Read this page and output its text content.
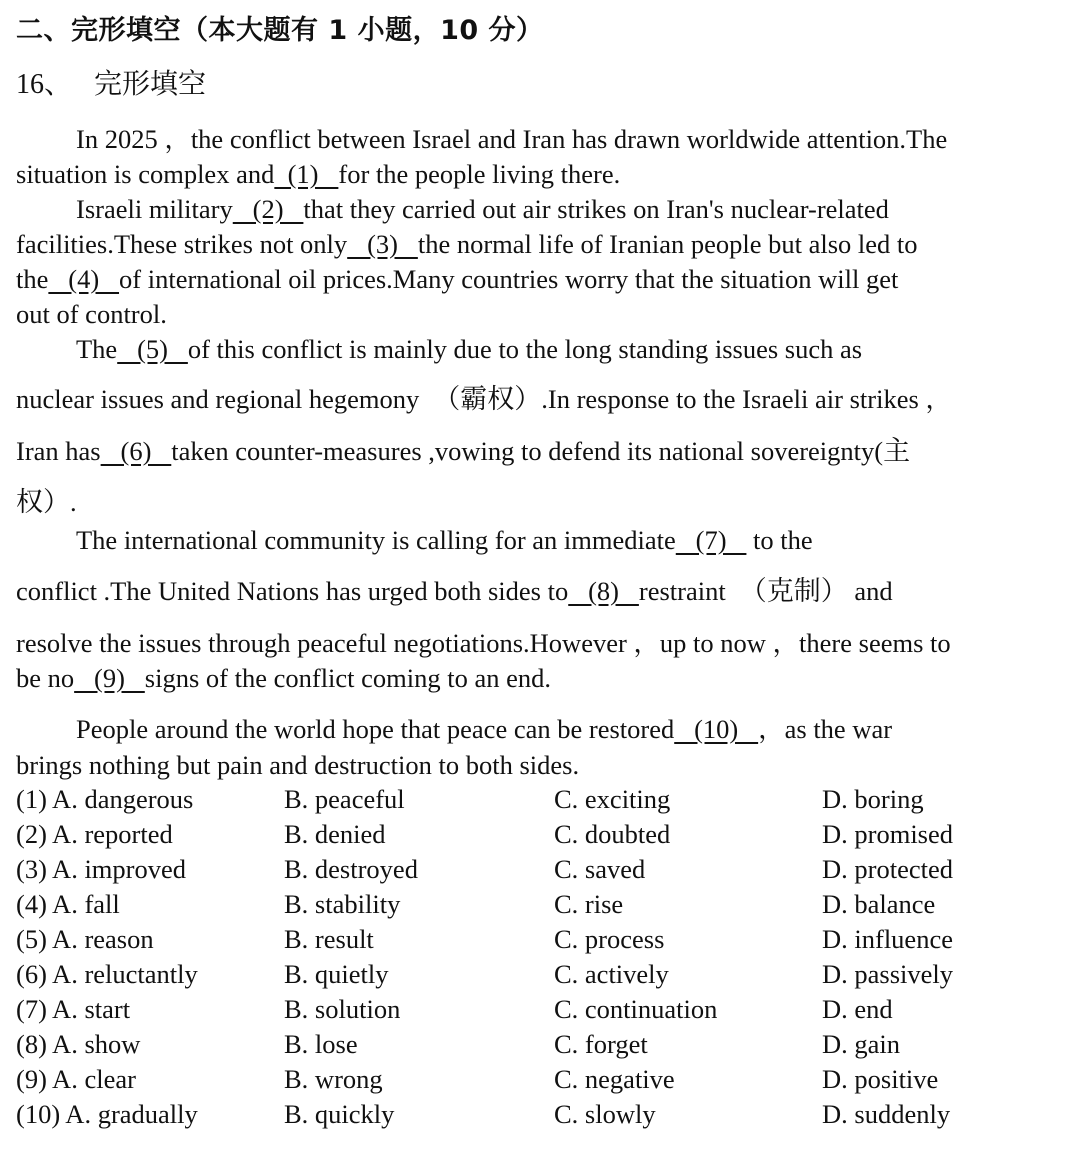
二、完形填空（本大题有 1 小题，10 分）
16、 完形填空
In 2025 ，the conflict between Israel and Iran has drawn worldwide attention.The
situation is complex and  (1)   for the people living there.
Israeli military   (2)   that they carried out air strikes on Iran's nuclear-related
facilities.These strikes not only   (3)   the normal life of Iranian people but also led to
the   (4)   of international oil prices.Many countries worry that the situation will get
out of control.
The   (5)   of this conflict is mainly due to the long standing issues such as
nuclear issues and regional hegemony （霸权）.In response to the Israeli air strikes ，
Iran has   (6)   taken counter-measures ,vowing to defend its national sovereignty(主
权）.
The international community is calling for an immediate   (7)    to the
conflict .The United Nations has urged both sides to   (8)   restraint （克制） and
resolve the issues through peaceful negotiations.However ，up to now ，there seems to
be no   (9)   signs of the conflict coming to an end.
People around the world hope that peace can be restored   (10)   ，as the war
brings nothing but pain and destruction to both sides.
(1) A. dangerous	B. peaceful	C. exciting	D. boring
(2) A. reported	B. denied	C. doubted	D. promised
(3) A. improved	B. destroyed	C. saved	D. protected
(4) A. fall	B. stability	C. rise	D. balance
(5) A. reason	B. result	C. process	D. influence
(6) A. reluctantly	B. quietly	C. actively	D. passively
(7) A. start	B. solution	C. continuation	D. end
(8) A. show	B. lose	C. forget	D. gain
(9) A. clear	B. wrong	C. negative	D. positive
(10) A. gradually	B. quickly	C. slowly	D. suddenly
